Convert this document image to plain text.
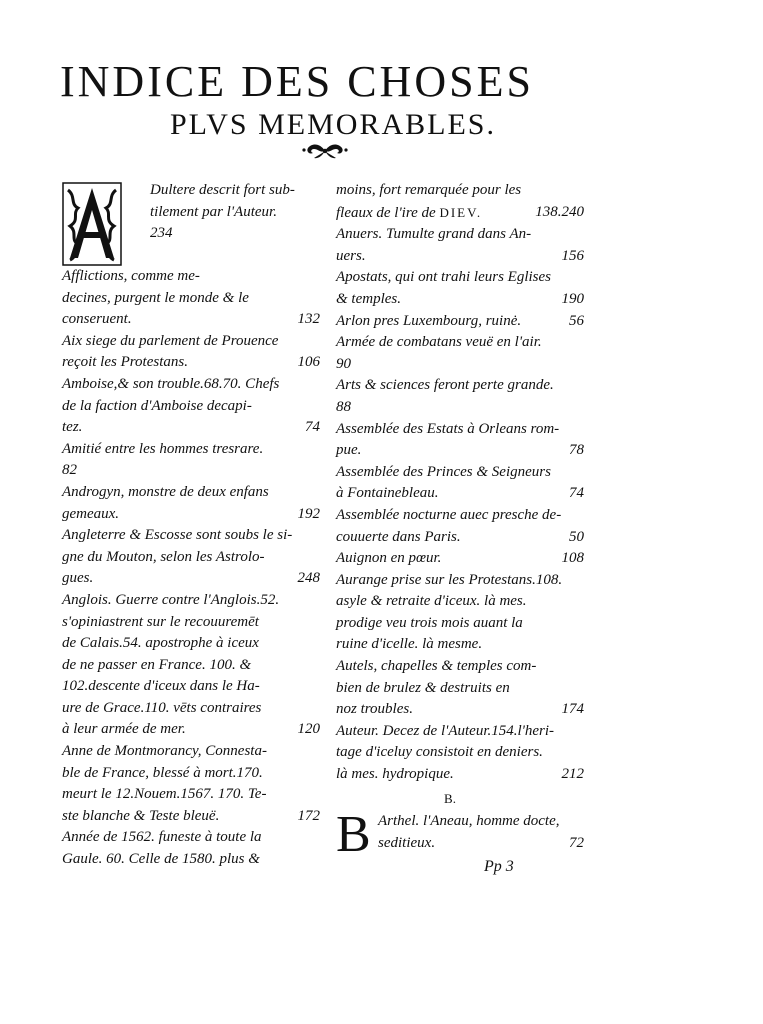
INDICE DES CHOSES
PLVS MEMORABLES.

Dultere descrit fort sub-
tilement par l'Auteur.
234

Afflictions, comme me-
decines, purgent le monde & le
conseruent.	132

Aix siege du parlement de Prouence
reçoit les Protestans.	106

Amboise,& son trouble.68.70. Chefs
de la faction d'Amboise decapi-
tez.	74

Amitié entre les hommes tresrare.
82

Androgyn, monstre de deux enfans
gemeaux.	192

Angleterre & Escosse sont soubs le si-
gne du Mouton, selon les Astrolo-
gues.	248

Anglois. Guerre contre l'Anglois.52.
s'opiniastrent sur le recouuremēt
de Calais.54. apostrophe à iceux
de ne passer en France. 100. &
102.descente d'iceux dans le Ha-
ure de Grace.110. vēts contraires
à leur armée de mer.	120

Anne de Montmorancy, Connesta-
ble de France, blessé à mort.170.
meurt le 12.Nouem.1567. 170. Te-
ste blanche & Teste bleuë.	172

Année de 1562. funeste à toute la
Gaule. 60. Celle de 1580. plus &

moins, fort remarquée pour les
fleaux de l'ire de DIEV.	138.240

Anuers. Tumulte grand dans An-
uers.	156

Apostats, qui ont trahi leurs Eglises
& temples.	190

Arlon pres Luxembourg, ruinė.	56

Armée de combatans veuë en l'air.
90

Arts & sciences feront perte grande.
88

Assemblée des Estats à Orleans rom-
pue.	78

Assemblée des Princes & Seigneurs
à Fontainebleau.	74

Assemblée nocturne auec presche de-
couuerte dans Paris.	50

Auignon en pœur.	108

Aurange prise sur les Protestans.108.
asyle & retraite d'iceux. là mes.
prodige veu trois mois auant la
ruine d'icelle. là mesme.

Autels, chapelles & temples com-
bien de brulez & destruits en
noz troubles.	174

Auteur. Decez de l'Auteur.154.l'heri-
tage d'iceluy consistoit en deniers.
là mes. hydropique.	212

B.
B Arthel. l'Aneau, homme docte,
seditieux.	72
Pp 3
